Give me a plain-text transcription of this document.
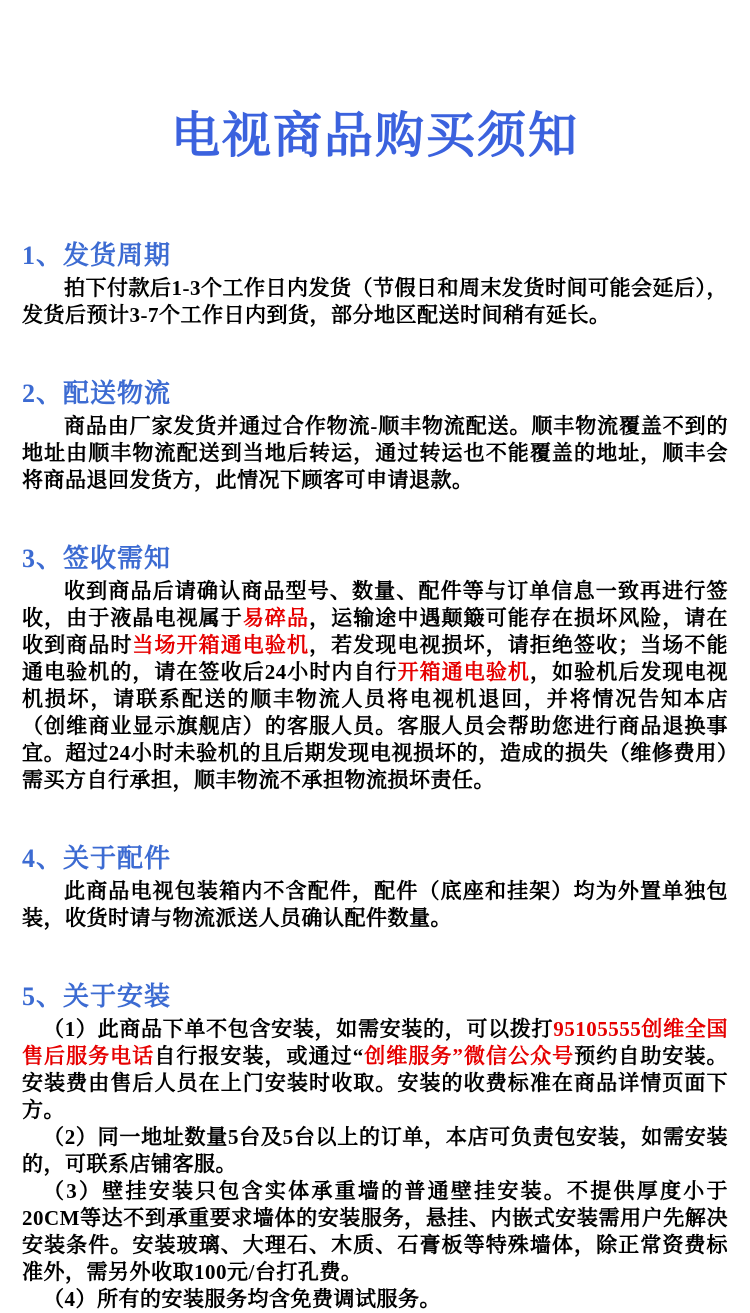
电视商品购买须知
1、发货周期

拍下付款后1-3个工作日内发货（节假日和周末发货时间可能会延后），发货后预计3-7个工作日内到货，部分地区配送时间稍有延长。

2、配送物流

商品由厂家发货并通过合作物流-顺丰物流配送。顺丰物流覆盖不到的地址由顺丰物流配送到当地后转运，通过转运也不能覆盖的地址，顺丰会将商品退回发货方，此情况下顾客可申请退款。

3、签收需知

收到商品后请确认商品型号、数量、配件等与订单信息一致再进行签收，由于液晶电视属于易碎品，运输途中遇颠簸可能存在损坏风险，请在收到商品时当场开箱通电验机，若发现电视损坏，请拒绝签收；当场不能通电验机的，请在签收后24小时内自行开箱通电验机，如验机后发现电视机损坏，请联系配送的顺丰物流人员将电视机退回，并将情况告知本店（创维商业显示旗舰店）的客服人员。客服人员会帮助您进行商品退换事宜。超过24小时未验机的且后期发现电视损坏的，造成的损失（维修费用）需买方自行承担，顺丰物流不承担物流损坏责任。

4、关于配件

此商品电视包装箱内不含配件，配件（底座和挂架）均为外置单独包装，收货时请与物流派送人员确认配件数量。

5、关于安装

（1）此商品下单不包含安装，如需安装的，可以拨打95105555创维全国售后服务电话自行报安装，或通过“创维服务”微信公众号预约自助安装。安装费由售后人员在上门安装时收取。安装的收费标准在商品详情页面下方。

（2）同一地址数量5台及5台以上的订单，本店可负责包安装，如需安装的，可联系店铺客服。

（3）壁挂安装只包含实体承重墙的普通壁挂安装。不提供厚度小于20CM等达不到承重要求墙体的安装服务，悬挂、内嵌式安装需用户先解决安装条件。安装玻璃、大理石、木质、石膏板等特殊墙体，除正常资费标准外，需另外收取100元/台打孔费。

（4）所有的安装服务均含免费调试服务。
